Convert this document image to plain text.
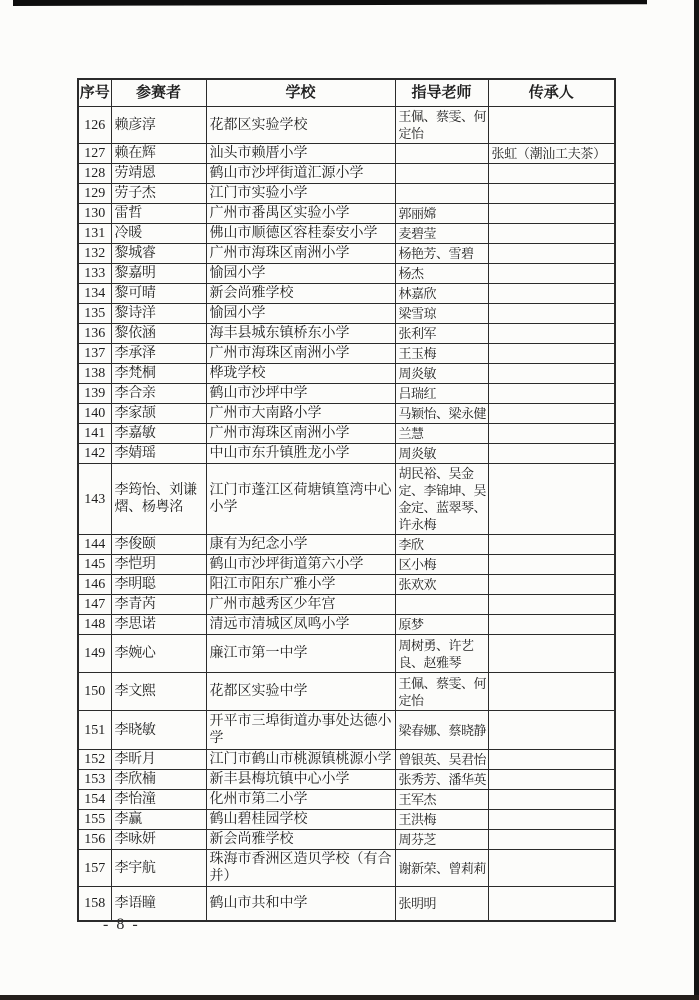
序号	参赛者	学校	指导老师	传承人
126	赖彦淳	花都区实验学校	王佩、蔡雯、何定怡	
127	赖在辉	汕头市赖厝小学		张虹（潮汕工夫茶）
128	劳靖恩	鹤山市沙坪街道汇源小学		
129	劳子杰	江门市实验小学		
130	雷哲	广州市番禺区实验小学	郭丽嫦	
131	冷暖	佛山市顺德区容桂泰安小学	麦碧莹	
132	黎城睿	广州市海珠区南洲小学	杨艳芳、雪碧	
133	黎嘉明	愉园小学	杨杰	
134	黎可晴	新会尚雅学校	林嘉欣	
135	黎诗洋	愉园小学	梁雪琼	
136	黎依涵	海丰县城东镇桥东小学	张利军	
137	李承泽	广州市海珠区南洲小学	王玉梅	
138	李梵桐	桦珑学校	周炎敏	
139	李合亲	鹤山市沙坪中学	吕瑞红	
140	李家颉	广州市大南路小学	马颖怡、梁永健	
141	李嘉敏	广州市海珠区南洲小学	兰慧	
142	李婧瑶	中山市东升镇胜龙小学	周炎敏	
143	李筠怡、刘谦熠、杨粤洺	江门市蓬江区荷塘镇篁湾中心小学	胡民裕、吴金定、李锦坤、吴金定、蓝翠琴、许永梅	
144	李俊颐	康有为纪念小学	李欣	
145	李恺玥	鹤山市沙坪街道第六小学	区小梅	
146	李明聪	阳江市阳东广雅小学	张欢欢	
147	李青芮	广州市越秀区少年宫		
148	李思诺	清远市清城区凤鸣小学	原梦	
149	李婉心	廉江市第一中学	周树勇、许艺良、赵雅琴	
150	李文熙	花都区实验中学	王佩、蔡雯、何定怡	
151	李晓敏	开平市三埠街道办事处达德小学	梁春娜、蔡晓静	
152	李昕月	江门市鹤山市桃源镇桃源小学	曾银英、吴君怡	
153	李欣楠	新丰县梅坑镇中心小学	张秀芳、潘华英	
154	李怡潼	化州市第二小学	王军杰	
155	李赢	鹤山碧桂园学校	王洪梅	
156	李咏妍	新会尚雅学校	周芬芝	
157	李宇航	珠海市香洲区造贝学校（有合并）	谢新荣、曾莉莉	
158	李语瞳	鹤山市共和中学	张明明	
- 8 -
